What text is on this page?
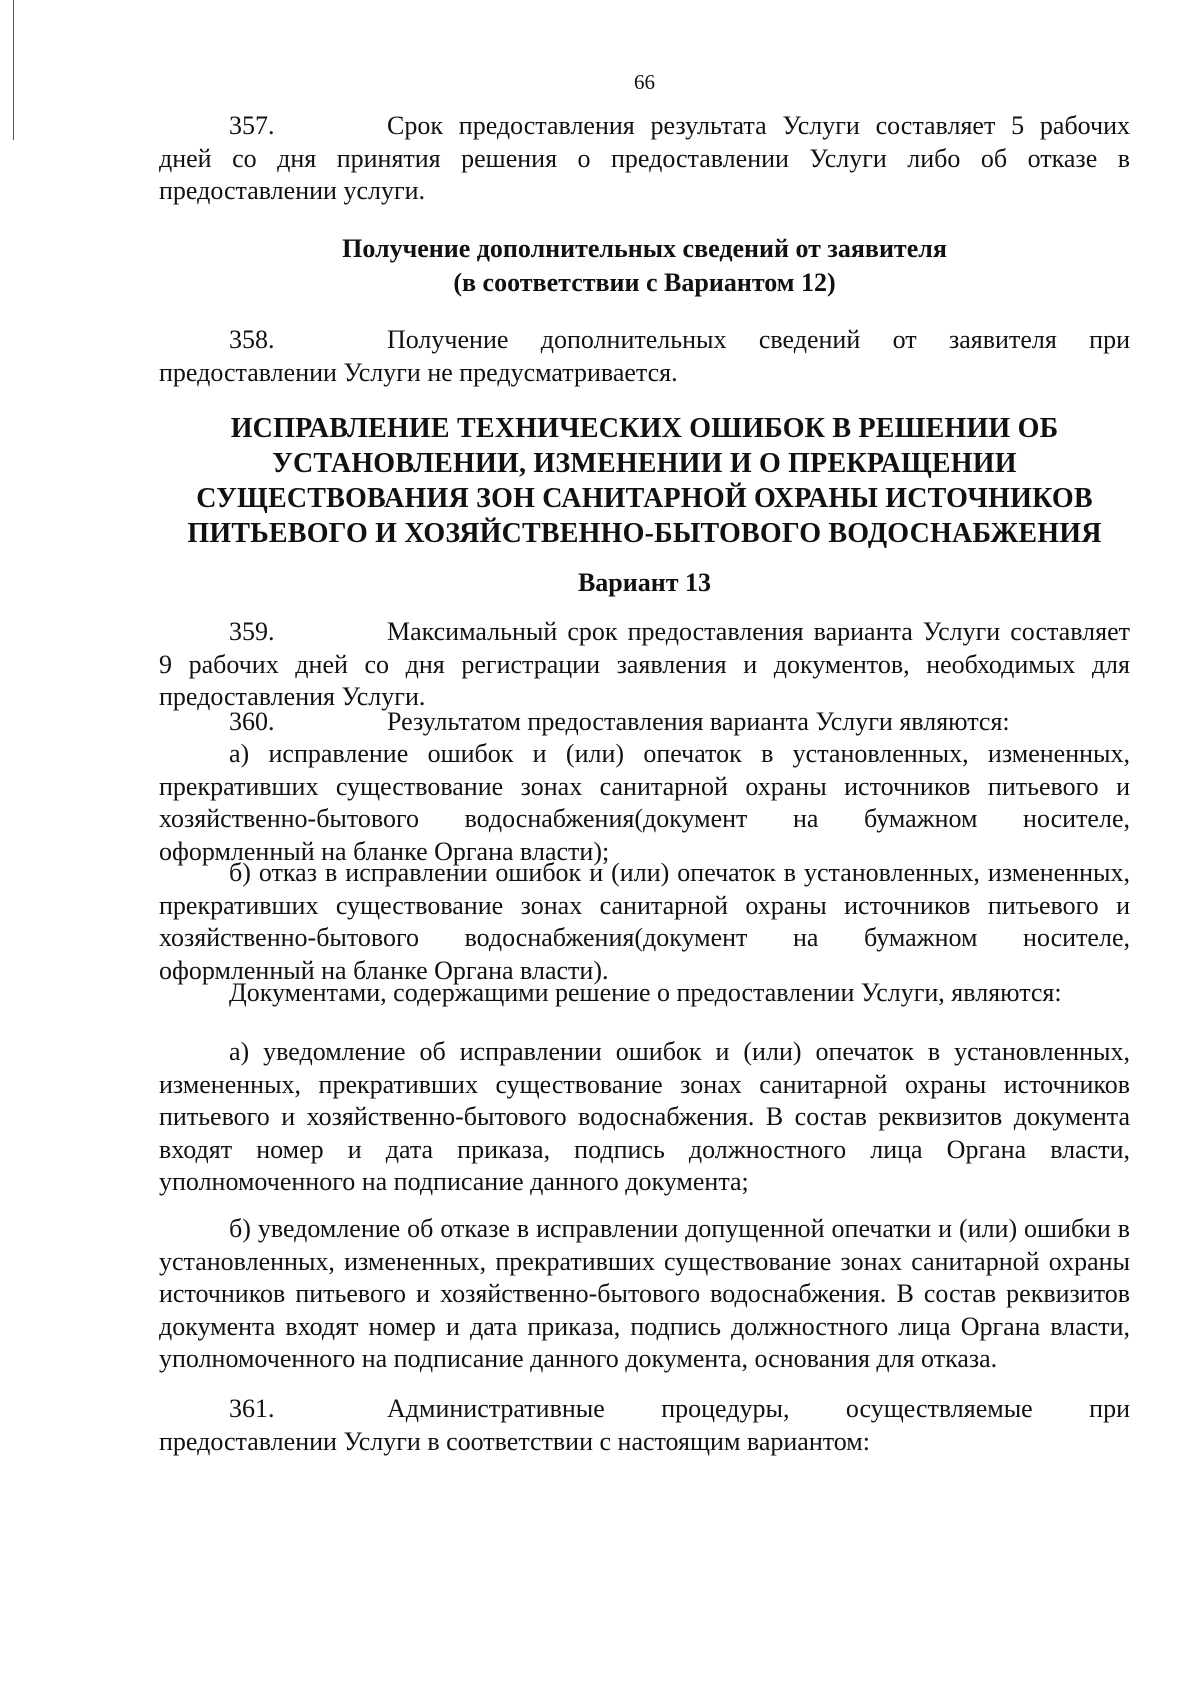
66
357.	Срок предоставления результата Услуги составляет 5 рабочих дней со дня принятия решения о предоставлении Услуги либо об отказе в предоставлении услуги.
Получение дополнительных сведений от заявителя
(в соответствии с Вариантом 12)
358.	Получение дополнительных сведений от заявителя при предоставлении Услуги не предусматривается.
ИСПРАВЛЕНИЕ ТЕХНИЧЕСКИХ ОШИБОК В РЕШЕНИИ ОБ
УСТАНОВЛЕНИИ, ИЗМЕНЕНИИ И О ПРЕКРАЩЕНИИ
СУЩЕСТВОВАНИЯ ЗОН САНИТАРНОЙ ОХРАНЫ ИСТОЧНИКОВ
ПИТЬЕВОГО И ХОЗЯЙСТВЕННО-БЫТОВОГО ВОДОСНАБЖЕНИЯ
Вариант 13
359.	Максимальный срок предоставления варианта Услуги составляет 9 рабочих дней со дня регистрации заявления и документов, необходимых для предоставления Услуги.
360.	Результатом предоставления варианта Услуги являются:
а) исправление ошибок и (или) опечаток в установленных, измененных, прекративших существование зонах санитарной охраны источников питьевого и хозяйственно-бытового водоснабжения(документ на бумажном носителе, оформленный на бланке Органа власти);
б) отказ в исправлении ошибок и (или) опечаток в установленных, измененных, прекративших существование зонах санитарной охраны источников питьевого и хозяйственно-бытового водоснабжения(документ на бумажном носителе, оформленный на бланке Органа власти).
Документами, содержащими решение о предоставлении Услуги, являются:
а) уведомление об исправлении ошибок и (или) опечаток в установленных, измененных, прекративших существование зонах санитарной охраны источников питьевого и хозяйственно-бытового водоснабжения. В состав реквизитов документа входят номер и дата приказа, подпись должностного лица Органа власти, уполномоченного на подписание данного документа;
б) уведомление об отказе в исправлении допущенной опечатки и (или) ошибки в установленных, измененных, прекративших существование зонах санитарной охраны источников питьевого и хозяйственно-бытового водоснабжения. В состав реквизитов документа входят номер и дата приказа, подпись должностного лица Органа власти, уполномоченного на подписание данного документа, основания для отказа.
361.	Административные процедуры, осуществляемые при предоставлении Услуги в соответствии с настоящим вариантом:
